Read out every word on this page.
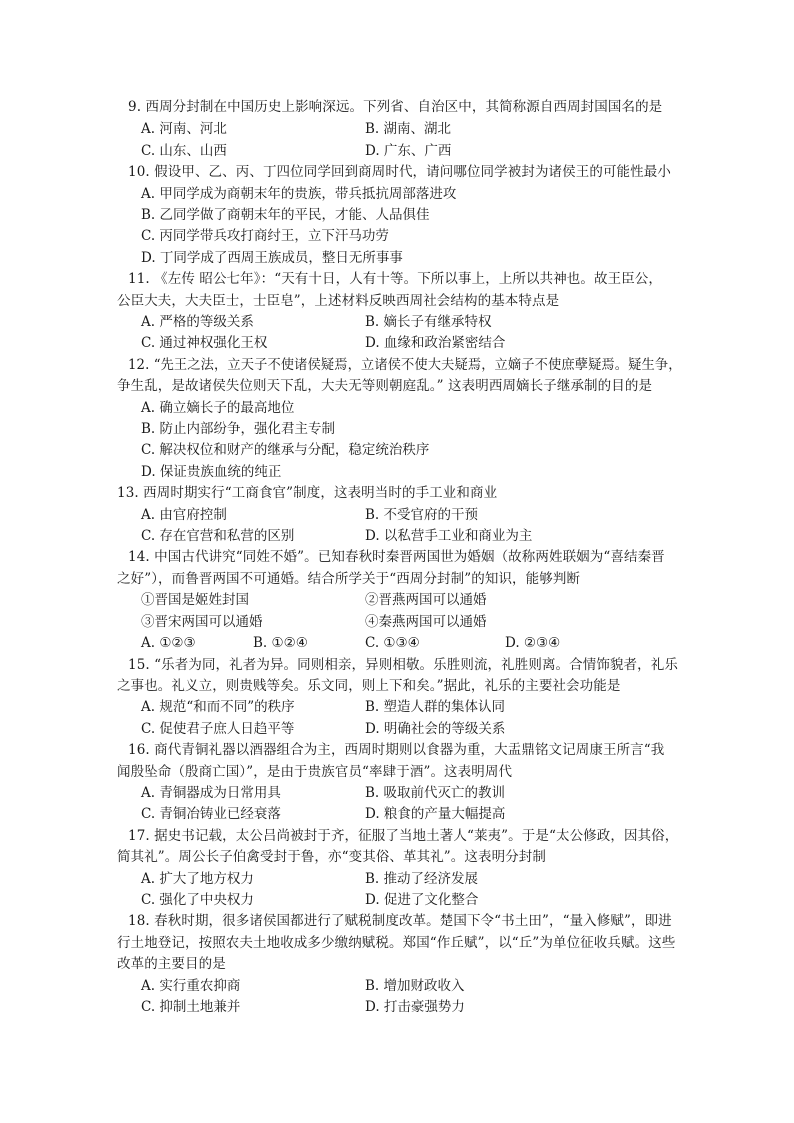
9. 西周分封制在中国历史上影响深远。下列省、自治区中，其简称源自西周封国国名的是
A. 河南、河北	B. 湖南、湖北
C. 山东、山西	D. 广东、广西
10. 假设甲、乙、丙、丁四位同学回到商周时代，请问哪位同学被封为诸侯王的可能性最小
A. 甲同学成为商朝末年的贵族，带兵抵抗周部落进攻
B. 乙同学做了商朝末年的平民，才能、人品俱佳
C. 丙同学带兵攻打商纣王，立下汗马功劳
D. 丁同学成了西周王族成员，整日无所事事
11. 《左传 昭公七年》：“天有十日，人有十等。下所以事上，上所以共神也。故王臣公，
公臣大夫，大夫臣士，士臣皂”，上述材料反映西周社会结构的基本特点是
A. 严格的等级关系	B. 嫡长子有继承特权
C. 通过神权强化王权	D. 血缘和政治紧密结合
12. “先王之法，立天子不使诸侯疑焉，立诸侯不使大夫疑焉，立嫡子不使庶孽疑焉。疑生争，
争生乱，是故诸侯失位则天下乱，大夫无等则朝庭乱。” 这表明西周嫡长子继承制的目的是
A. 确立嫡长子的最高地位
B. 防止内部纷争，强化君主专制
C. 解决权位和财产的继承与分配，稳定统治秩序
D. 保证贵族血统的纯正
13. 西周时期实行“工商食官”制度，这表明当时的手工业和商业
A. 由官府控制	B. 不受官府的干预
C. 存在官营和私营的区别	D. 以私营手工业和商业为主
14. 中国古代讲究“同姓不婚”。已知春秋时秦晋两国世为婚姻（故称两姓联姻为“喜结秦晋
之好”），而鲁晋两国不可通婚。结合所学关于“西周分封制”的知识，能够判断
①晋国是姬姓封国	②晋燕两国可以通婚
③晋宋两国可以通婚	④秦燕两国可以通婚
A. ①②③	B. ①②④	C. ①③④	D. ②③④
15. “乐者为同，礼者为异。同则相亲，异则相敬。乐胜则流，礼胜则离。合情饰貌者，礼乐
之事也。礼义立，则贵贱等矣。乐文同，则上下和矣。”据此，礼乐的主要社会功能是
A. 规范“和而不同”的秩序	B. 塑造人群的集体认同
C. 促使君子庶人日趋平等	D. 明确社会的等级关系
16. 商代青铜礼器以酒器组合为主，西周时期则以食器为重，大盂鼎铭文记周康王所言“我
闻殷坠命（殷商亡国）”，是由于贵族官员“率肆于酒”。这表明周代
A. 青铜器成为日常用具	B. 吸取前代灭亡的教训
C. 青铜冶铸业已经衰落	D. 粮食的产量大幅提高
17. 据史书记载，太公吕尚被封于齐，征服了当地土著人“莱夷”。于是“太公修政，因其俗，
简其礼”。周公长子伯禽受封于鲁，亦“变其俗、革其礼”。这表明分封制
A. 扩大了地方权力	B. 推动了经济发展
C. 强化了中央权力	D. 促进了文化整合
18. 春秋时期，很多诸侯国都进行了赋税制度改革。楚国下令“书土田”，“量入修赋”，即进
行土地登记，按照农夫土地收成多少缴纳赋税。郑国“作丘赋”，以“丘”为单位征收兵赋。这些
改革的主要目的是
A. 实行重农抑商	B. 增加财政收入
C. 抑制土地兼并	D. 打击豪强势力
